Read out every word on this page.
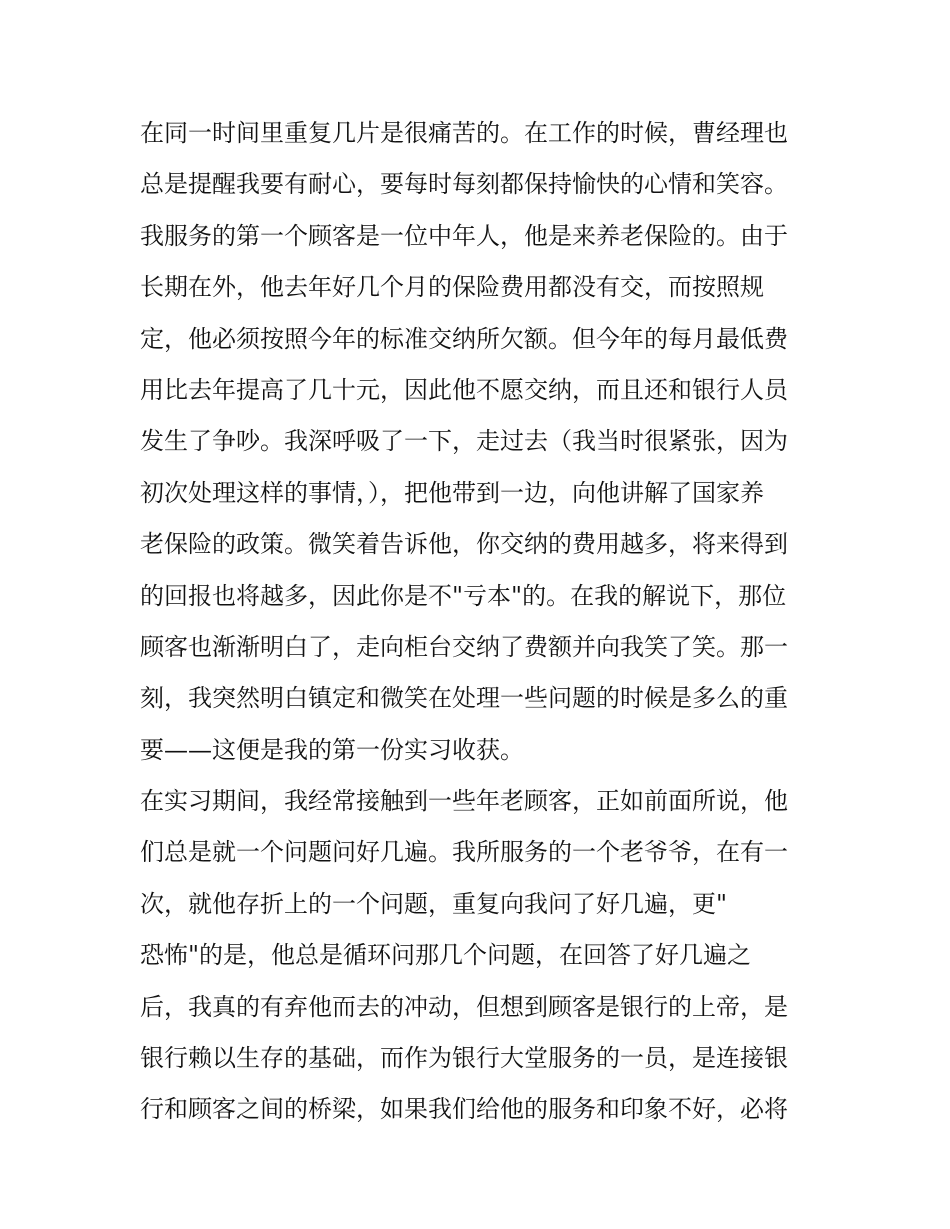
在同一时间里重复几片是很痛苦的。在工作的时候，曹经理也
总是提醒我要有耐心，要每时每刻都保持愉快的心情和笑容。
我服务的第一个顾客是一位中年人，他是来养老保险的。由于
长期在外，他去年好几个月的保险费用都没有交，而按照规
定，他必须按照今年的标准交纳所欠额。但今年的每月最低费
用比去年提高了几十元，因此他不愿交纳，而且还和银行人员
发生了争吵。我深呼吸了一下，走过去（我当时很紧张，因为
初次处理这样的事情，），把他带到一边，向他讲解了国家养
老保险的政策。微笑着告诉他，你交纳的费用越多，将来得到
的回报也将越多，因此你是不"亏本"的。在我的解说下，那位
顾客也渐渐明白了，走向柜台交纳了费额并向我笑了笑。那一
刻，我突然明白镇定和微笑在处理一些问题的时候是多么的重
要——这便是我的第一份实习收获。
在实习期间，我经常接触到一些年老顾客，正如前面所说，他
们总是就一个问题问好几遍。我所服务的一个老爷爷，在有一
次，就他存折上的一个问题，重复向我问了好几遍，更"
恐怖"的是，他总是循环问那几个问题，在回答了好几遍之
后，我真的有弃他而去的冲动，但想到顾客是银行的上帝，是
银行赖以生存的基础，而作为银行大堂服务的一员，是连接银
行和顾客之间的桥梁，如果我们给他的服务和印象不好，必将
